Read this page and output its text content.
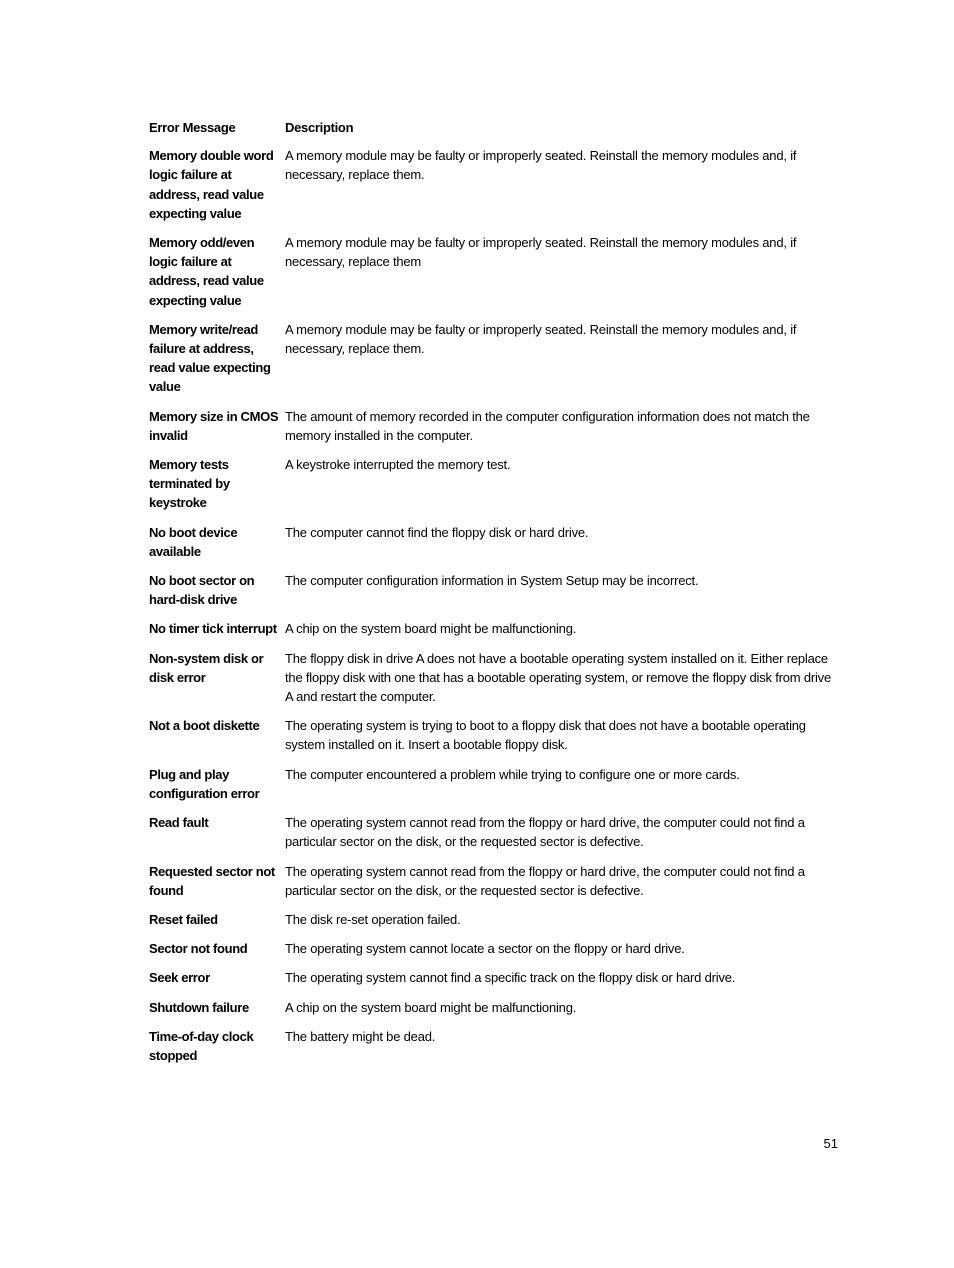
Error Message	Description
Memory double word logic failure at address, read value expecting value	A memory module may be faulty or improperly seated. Reinstall the memory modules and, if necessary, replace them.
Memory odd/even logic failure at address, read value expecting value	A memory module may be faulty or improperly seated. Reinstall the memory modules and, if necessary, replace them
Memory write/read failure at address, read value expecting value	A memory module may be faulty or improperly seated. Reinstall the memory modules and, if necessary, replace them.
Memory size in CMOS invalid	The amount of memory recorded in the computer configuration information does not match the memory installed in the computer.
Memory tests terminated by keystroke	A keystroke interrupted the memory test.
No boot device available	The computer cannot find the floppy disk or hard drive.
No boot sector on hard-disk drive	The computer configuration information in System Setup may be incorrect.
No timer tick interrupt	A chip on the system board might be malfunctioning.
Non-system disk or disk error	The floppy disk in drive A does not have a bootable operating system installed on it. Either replace the floppy disk with one that has a bootable operating system, or remove the floppy disk from drive A and restart the computer.
Not a boot diskette	The operating system is trying to boot to a floppy disk that does not have a bootable operating system installed on it. Insert a bootable floppy disk.
Plug and play configuration error	The computer encountered a problem while trying to configure one or more cards.
Read fault	The operating system cannot read from the floppy or hard drive, the computer could not find a particular sector on the disk, or the requested sector is defective.
Requested sector not found	The operating system cannot read from the floppy or hard drive, the computer could not find a particular sector on the disk, or the requested sector is defective.
Reset failed	The disk re-set operation failed.
Sector not found	The operating system cannot locate a sector on the floppy or hard drive.
Seek error	The operating system cannot find a specific track on the floppy disk or hard drive.
Shutdown failure	A chip on the system board might be malfunctioning.
Time-of-day clock stopped	The battery might be dead.
51
